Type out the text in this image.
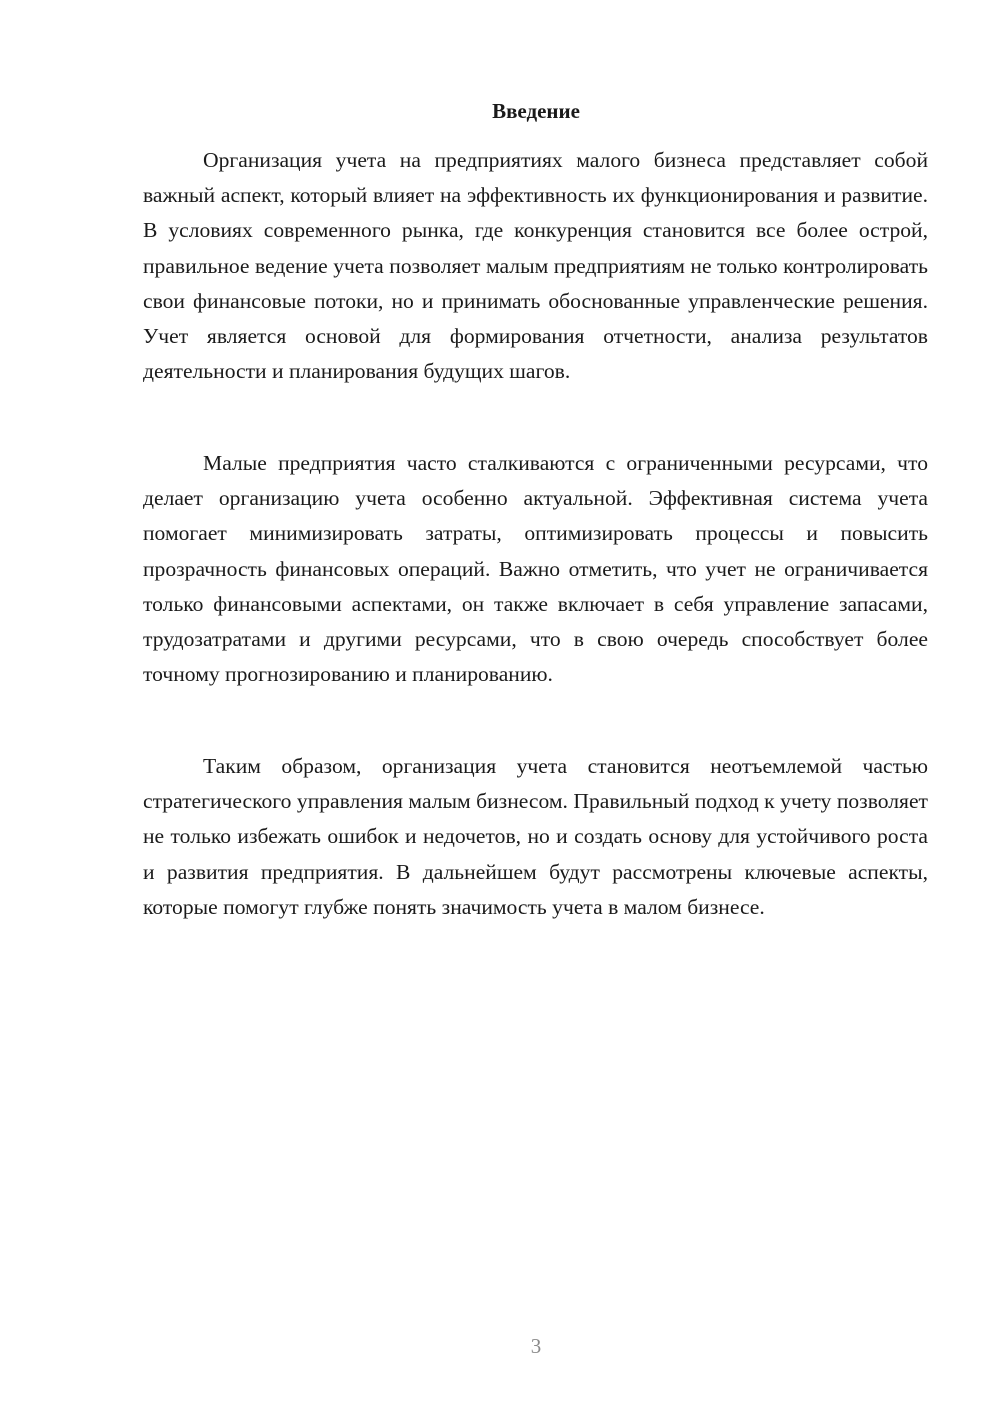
Введение

Организация учета на предприятиях малого бизнеса представляет собой важный аспект, который влияет на эффективность их функционирования и развитие. В условиях современного рынка, где конкуренция становится все более острой, правильное ведение учета позволяет малым предприятиям не только контролировать свои финансовые потоки, но и принимать обоснованные управленческие решения. Учет является основой для формирования отчетности, анализа результатов деятельности и планирования будущих шагов.

Малые предприятия часто сталкиваются с ограниченными ресурсами, что делает организацию учета особенно актуальной. Эффективная система учета помогает минимизировать затраты, оптимизировать процессы и повысить прозрачность финансовых операций. Важно отметить, что учет не ограничивается только финансовыми аспектами, он также включает в себя управление запасами, трудозатратами и другими ресурсами, что в свою очередь способствует более точному прогнозированию и планированию.

Таким образом, организация учета становится неотъемлемой частью стратегического управления малым бизнесом. Правильный подход к учету позволяет не только избежать ошибок и недочетов, но и создать основу для устойчивого роста и развития предприятия. В дальнейшем будут рассмотрены ключевые аспекты, которые помогут глубже понять значимость учета в малом бизнесе.

3
